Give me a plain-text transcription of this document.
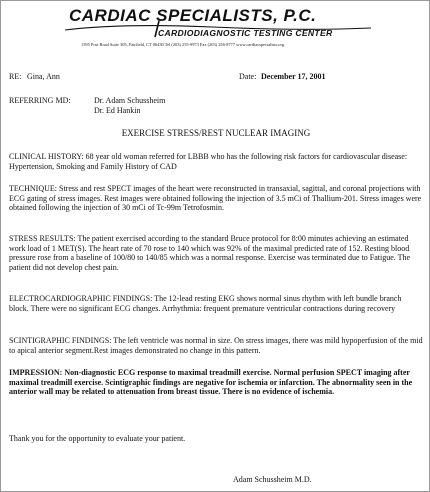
CARDIAC SPECIALISTS, P.C.
CARDIODIAGNOSTIC TESTING CENTER
1395 Post Road Suite 305, Fairfield, CT 06430 Tel (203) 255-9973 Fax (203) 256-8777 www.cardiacspecialists.org
RE: Gina, Ann	Date: December 17, 2001
REFERRING MD:	Dr. Adam Schussheim
Dr. Ed Hankin
EXERCISE STRESS/REST NUCLEAR IMAGING
CLINICAL HISTORY: 68 year old woman referred for LBBB who has the following risk factors for cardiovascular disease: Hypertension, Smoking and Family History of CAD
TECHNIQUE: Stress and rest SPECT images of the heart were reconstructed in transaxial, sagittal, and coronal projections with ECG gating of stress images. Rest images were obtained following the injection of 3.5 mCi of Thallium-201. Stress images were obtained following the injection of 30 mCi of Tc-99m Tetrofosmin.
STRESS RESULTS: The patient exercised according to the standard Bruce protocol for 8:00 minutes achieving an estimated work load of 1 MET(S). The heart rate of 70 rose to 140 which was 92% of the maximal predicted rate of 152. Resting blood pressure rose from a baseline of 100/80 to 140/85 which was a normal response. Exercise was terminated due to Fatigue. The patient did not develop chest pain.
ELECTROCARDIOGRAPHIC FINDINGS: The 12-lead resting EKG shows normal sinus rhythm with left bundle branch block. There were no significant ECG changes. Arrhythmia: frequent premature ventricular contractions during recovery
SCINTIGRAPHIC FINDINGS: The left ventricle was normal in size. On stress images, there was mild hypoperfusion of the mid to apical anterior segment.Rest images demonstrated no change in this pattern.
IMPRESSION: Non-diagnostic ECG response to maximal treadmill exercise. Normal perfusion SPECT imaging after maximal treadmill exercise. Scintigraphic findings are negative for ischemia or infarction. The abnormality seen in the anterior wall may be related to attenuation from breast tissue. There is no evidence of ischemia.
Thank you for the opportunity to evaluate your patient.
Adam Schussheim M.D.
